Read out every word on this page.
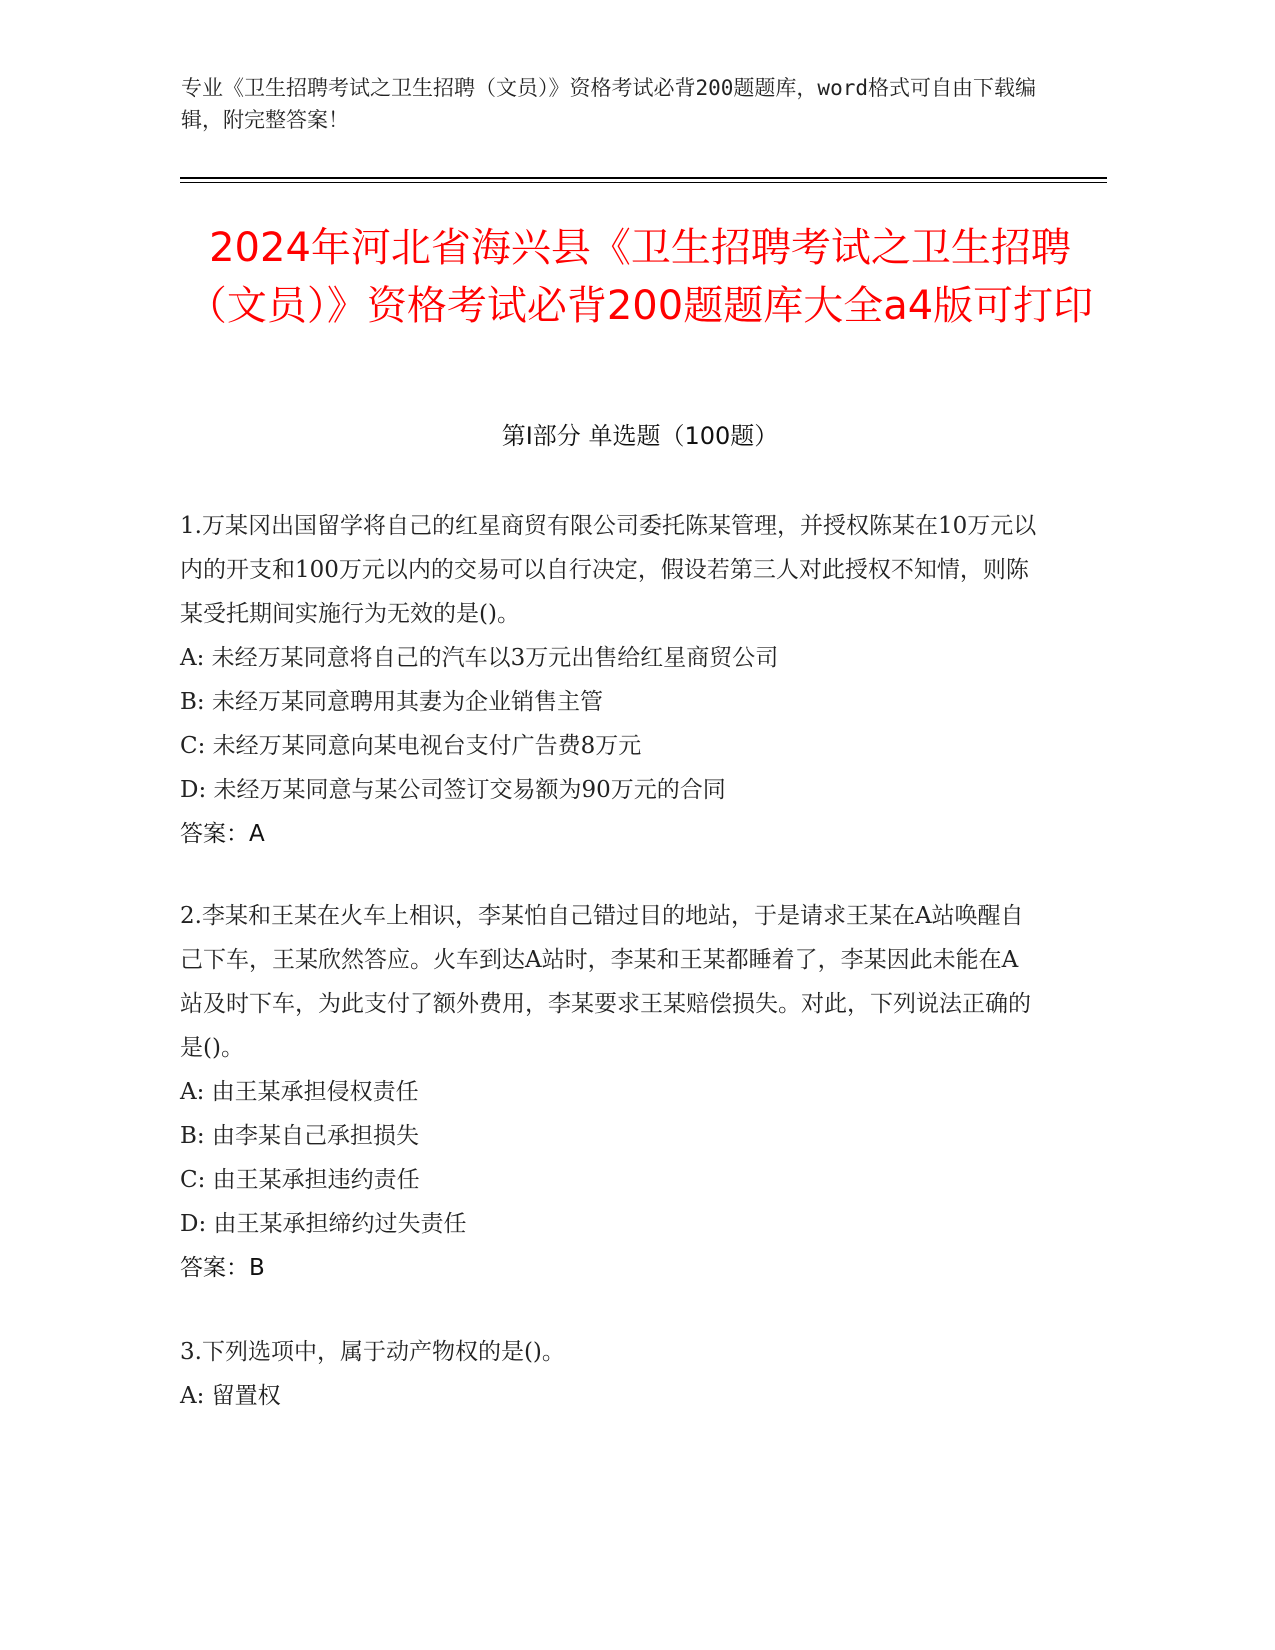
专业《卫生招聘考试之卫生招聘（文员）》资格考试必背200题题库，word格式可自由下载编辑，附完整答案！
2024年河北省海兴县《卫生招聘考试之卫生招聘（文员）》资格考试必背200题题库大全a4版可打印
第I部分 单选题（100题）
1.万某冈出国留学将自己的红星商贸有限公司委托陈某管理，并授权陈某在10万元以内的开支和100万元以内的交易可以自行决定，假设若第三人对此授权不知情，则陈某受托期间实施行为无效的是()。
A: 未经万某同意将自己的汽车以3万元出售给红星商贸公司
B: 未经万某同意聘用其妻为企业销售主管
C: 未经万某同意向某电视台支付广告费8万元
D: 未经万某同意与某公司签订交易额为90万元的合同
答案：A
2.李某和王某在火车上相识，李某怕自己错过目的地站，于是请求王某在A站唤醒自己下车，王某欣然答应。火车到达A站时，李某和王某都睡着了，李某因此未能在A站及时下车，为此支付了额外费用，李某要求王某赔偿损失。对此，下列说法正确的是()。
A: 由王某承担侵权责任
B: 由李某自己承担损失
C: 由王某承担违约责任
D: 由王某承担缔约过失责任
答案：B
3.下列选项中，属于动产物权的是()。
A: 留置权
